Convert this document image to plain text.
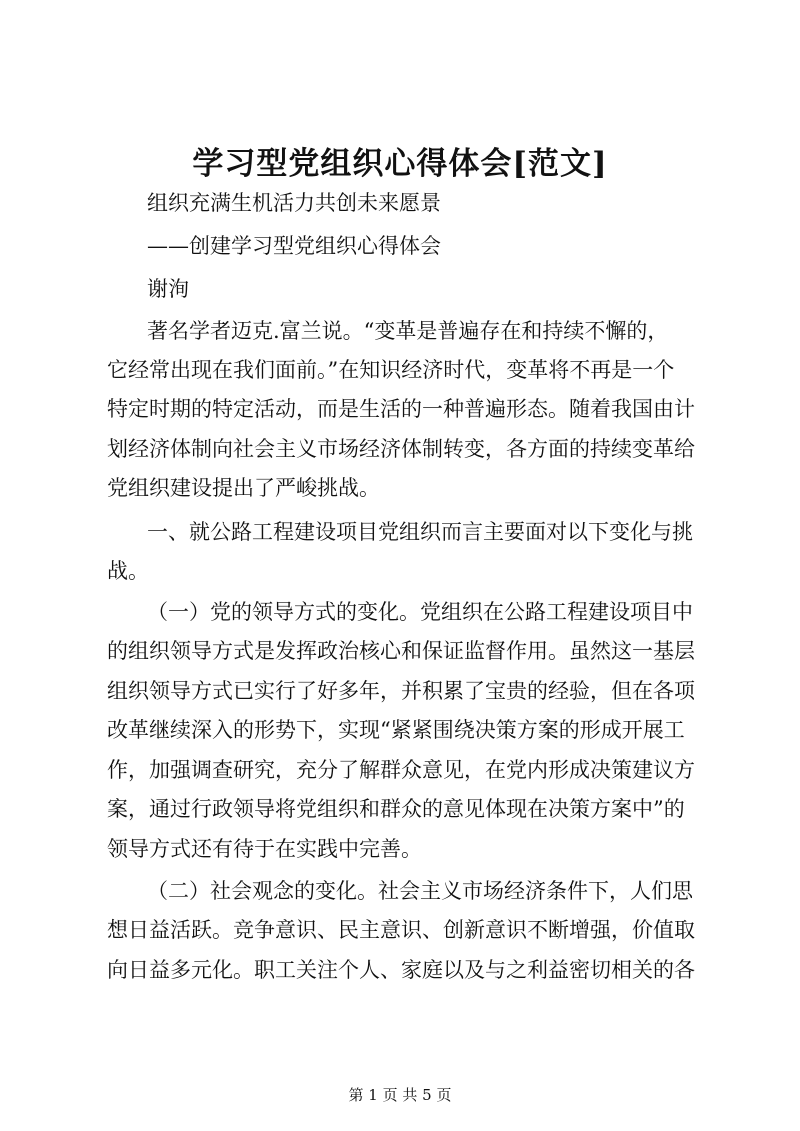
学习型党组织心得体会[范文]
组织充满生机活力共创未来愿景
——创建学习型党组织心得体会
谢洵
著名学者迈克.富兰说。“变革是普遍存在和持续不懈的，
它经常出现在我们面前。”在知识经济时代，变革将不再是一个
特定时期的特定活动，而是生活的一种普遍形态。随着我国由计
划经济体制向社会主义市场经济体制转变，各方面的持续变革给
党组织建设提出了严峻挑战。
一、就公路工程建设项目党组织而言主要面对以下变化与挑
战。
（一）党的领导方式的变化。党组织在公路工程建设项目中
的组织领导方式是发挥政治核心和保证监督作用。虽然这一基层
组织领导方式已实行了好多年，并积累了宝贵的经验，但在各项
改革继续深入的形势下，实现“紧紧围绕决策方案的形成开展工
作，加强调查研究，充分了解群众意见，在党内形成决策建议方
案，通过行政领导将党组织和群众的意见体现在决策方案中”的
领导方式还有待于在实践中完善。
（二）社会观念的变化。社会主义市场经济条件下，人们思
想日益活跃。竞争意识、民主意识、创新意识不断增强，价值取
向日益多元化。职工关注个人、家庭以及与之利益密切相关的各
第 1 页 共 5 页
